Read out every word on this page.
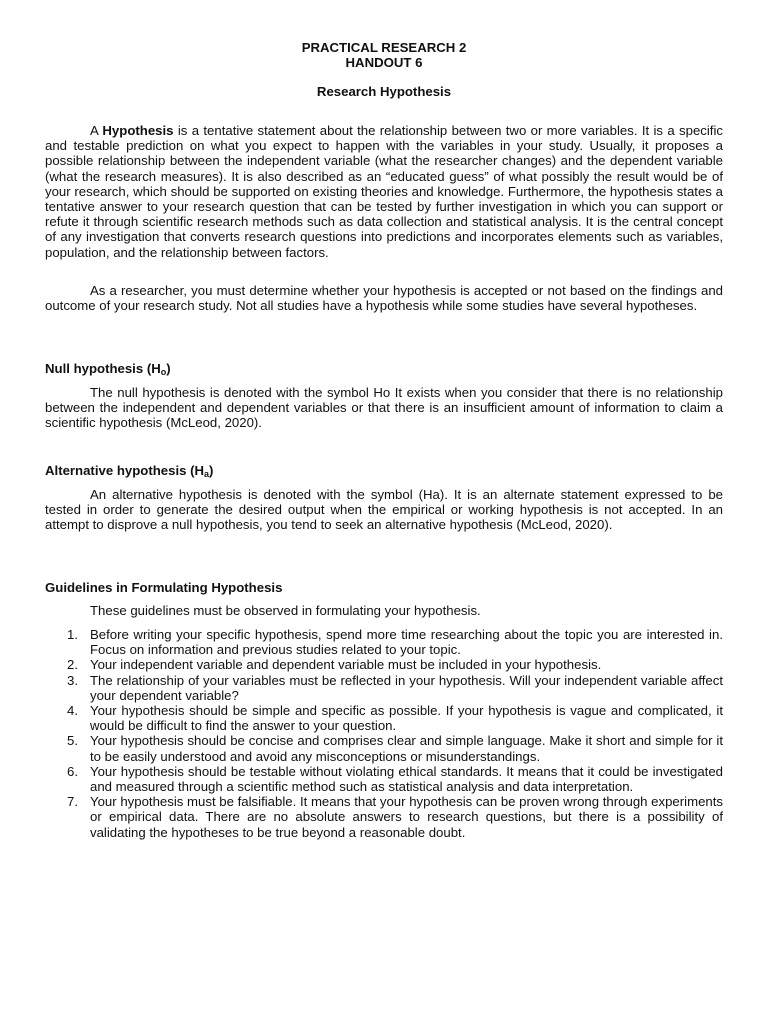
PRACTICAL RESEARCH 2
HANDOUT 6
Research Hypothesis

A Hypothesis is a tentative statement about the relationship between two or more variables. It is a specific and testable prediction on what you expect to happen with the variables in your study. Usually, it proposes a possible relationship between the independent variable (what the researcher changes) and the dependent variable (what the research measures). It is also described as an “educated guess” of what possibly the result would be of your research, which should be supported on existing theories and knowledge. Furthermore, the hypothesis states a tentative answer to your research question that can be tested by further investigation in which you can support or refute it through scientific research methods such as data collection and statistical analysis. It is the central concept of any investigation that converts research questions into predictions and incorporates elements such as variables, population, and the relationship between factors.

As a researcher, you must determine whether your hypothesis is accepted or not based on the findings and outcome of your research study. Not all studies have a hypothesis while some studies have several hypotheses.

Null hypothesis $(H_o)$

The null hypothesis is denoted with the symbol Ho It exists when you consider that there is no relationship between the independent and dependent variables or that there is an insufficient amount of information to claim a scientific hypothesis (McLeod, 2020).

Alternative hypothesis $(H_a)$

An alternative hypothesis is denoted with the symbol (Ha). It is an alternate statement expressed to be tested in order to generate the desired output when the empirical or working hypothesis is not accepted. In an attempt to disprove a null hypothesis, you tend to seek an alternative hypothesis (McLeod, 2020).

Guidelines in Formulating Hypothesis

These guidelines must be observed in formulating your hypothesis.

1. Before writing your specific hypothesis, spend more time researching about the topic you are interested in. Focus on information and previous studies related to your topic.
2. Your independent variable and dependent variable must be included in your hypothesis.
3. The relationship of your variables must be reflected in your hypothesis. Will your independent variable affect your dependent variable?
4. Your hypothesis should be simple and specific as possible. If your hypothesis is vague and complicated, it would be difficult to find the answer to your question.
5. Your hypothesis should be concise and comprises clear and simple language. Make it short and simple for it to be easily understood and avoid any misconceptions or misunderstandings.
6. Your hypothesis should be testable without violating ethical standards. It means that it could be investigated and measured through a scientific method such as statistical analysis and data interpretation.
7. Your hypothesis must be falsifiable. It means that your hypothesis can be proven wrong through experiments or empirical data. There are no absolute answers to research questions, but there is a possibility of validating the hypotheses to be true beyond a reasonable doubt.
